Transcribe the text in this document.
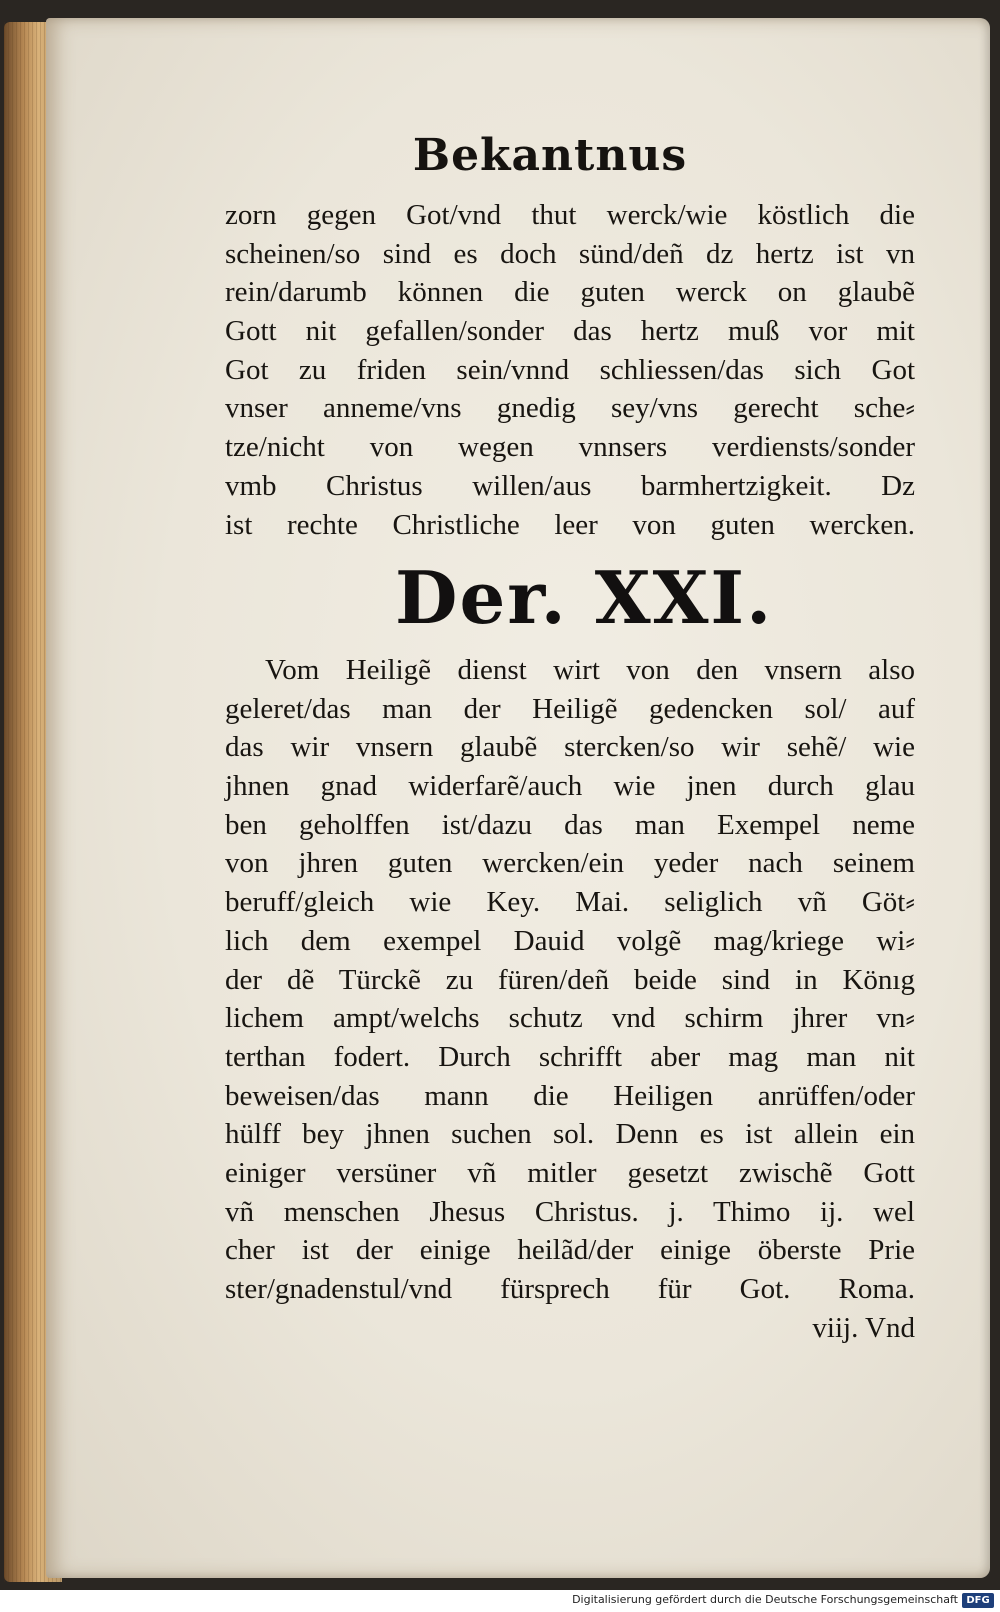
Bekantnus
zorn gegen Got/vnd thut werck/wie köstlich die
scheinen/so sind es doch sünd/deñ dz hertz ist vn
rein/darumb können die guten werck on glaubẽ
Gott nit gefallen/sonder das hertz muß vor mit
Got zu friden sein/vnnd schliessen/das sich Got
vnser anneme/vns gnedig sey/vns gerecht sche⸗
tze/nicht von wegen vnnsers verdiensts/sonder
vmb Christus willen/aus barmhertzigkeit. Dz
ist rechte Christliche leer von guten wercken.
Der. XXI.
Vom Heiligẽ dienst wirt von den vnsern also
geleret/das man der Heiligẽ gedencken sol/ auf
das wir vnsern glaubẽ stercken/so wir sehẽ/ wie
jhnen gnad widerfarẽ/auch wie jnen durch glau
ben geholffen ist/dazu das man Exempel neme
von jhren guten wercken/ein yeder nach seinem
beruff/gleich wie Key. Mai. seliglich vñ Göt⸗
lich dem exempel Dauid volgẽ mag/kriege wi⸗
der dẽ Türckẽ zu füren/deñ beide sind in Könıg
lichem ampt/welchs schutz vnd schirm jhrer vn⸗
terthan fodert. Durch schrifft aber mag man nit
beweisen/das mann die Heiligen anrüffen/oder
hülff bey jhnen suchen sol. Denn es ist allein ein
einiger versüner vñ mitler gesetzt zwischẽ Gott
vñ menschen Jhesus Christus. j. Thimo ij. wel
cher ist der einige heilãd/der einige öberste Prie
ster/gnadenstul/vnd fürsprech für Got. Roma.
viij. Vnd
Digitalisierung gefördert durch die Deutsche Forschungsgemeinschaft DFG
